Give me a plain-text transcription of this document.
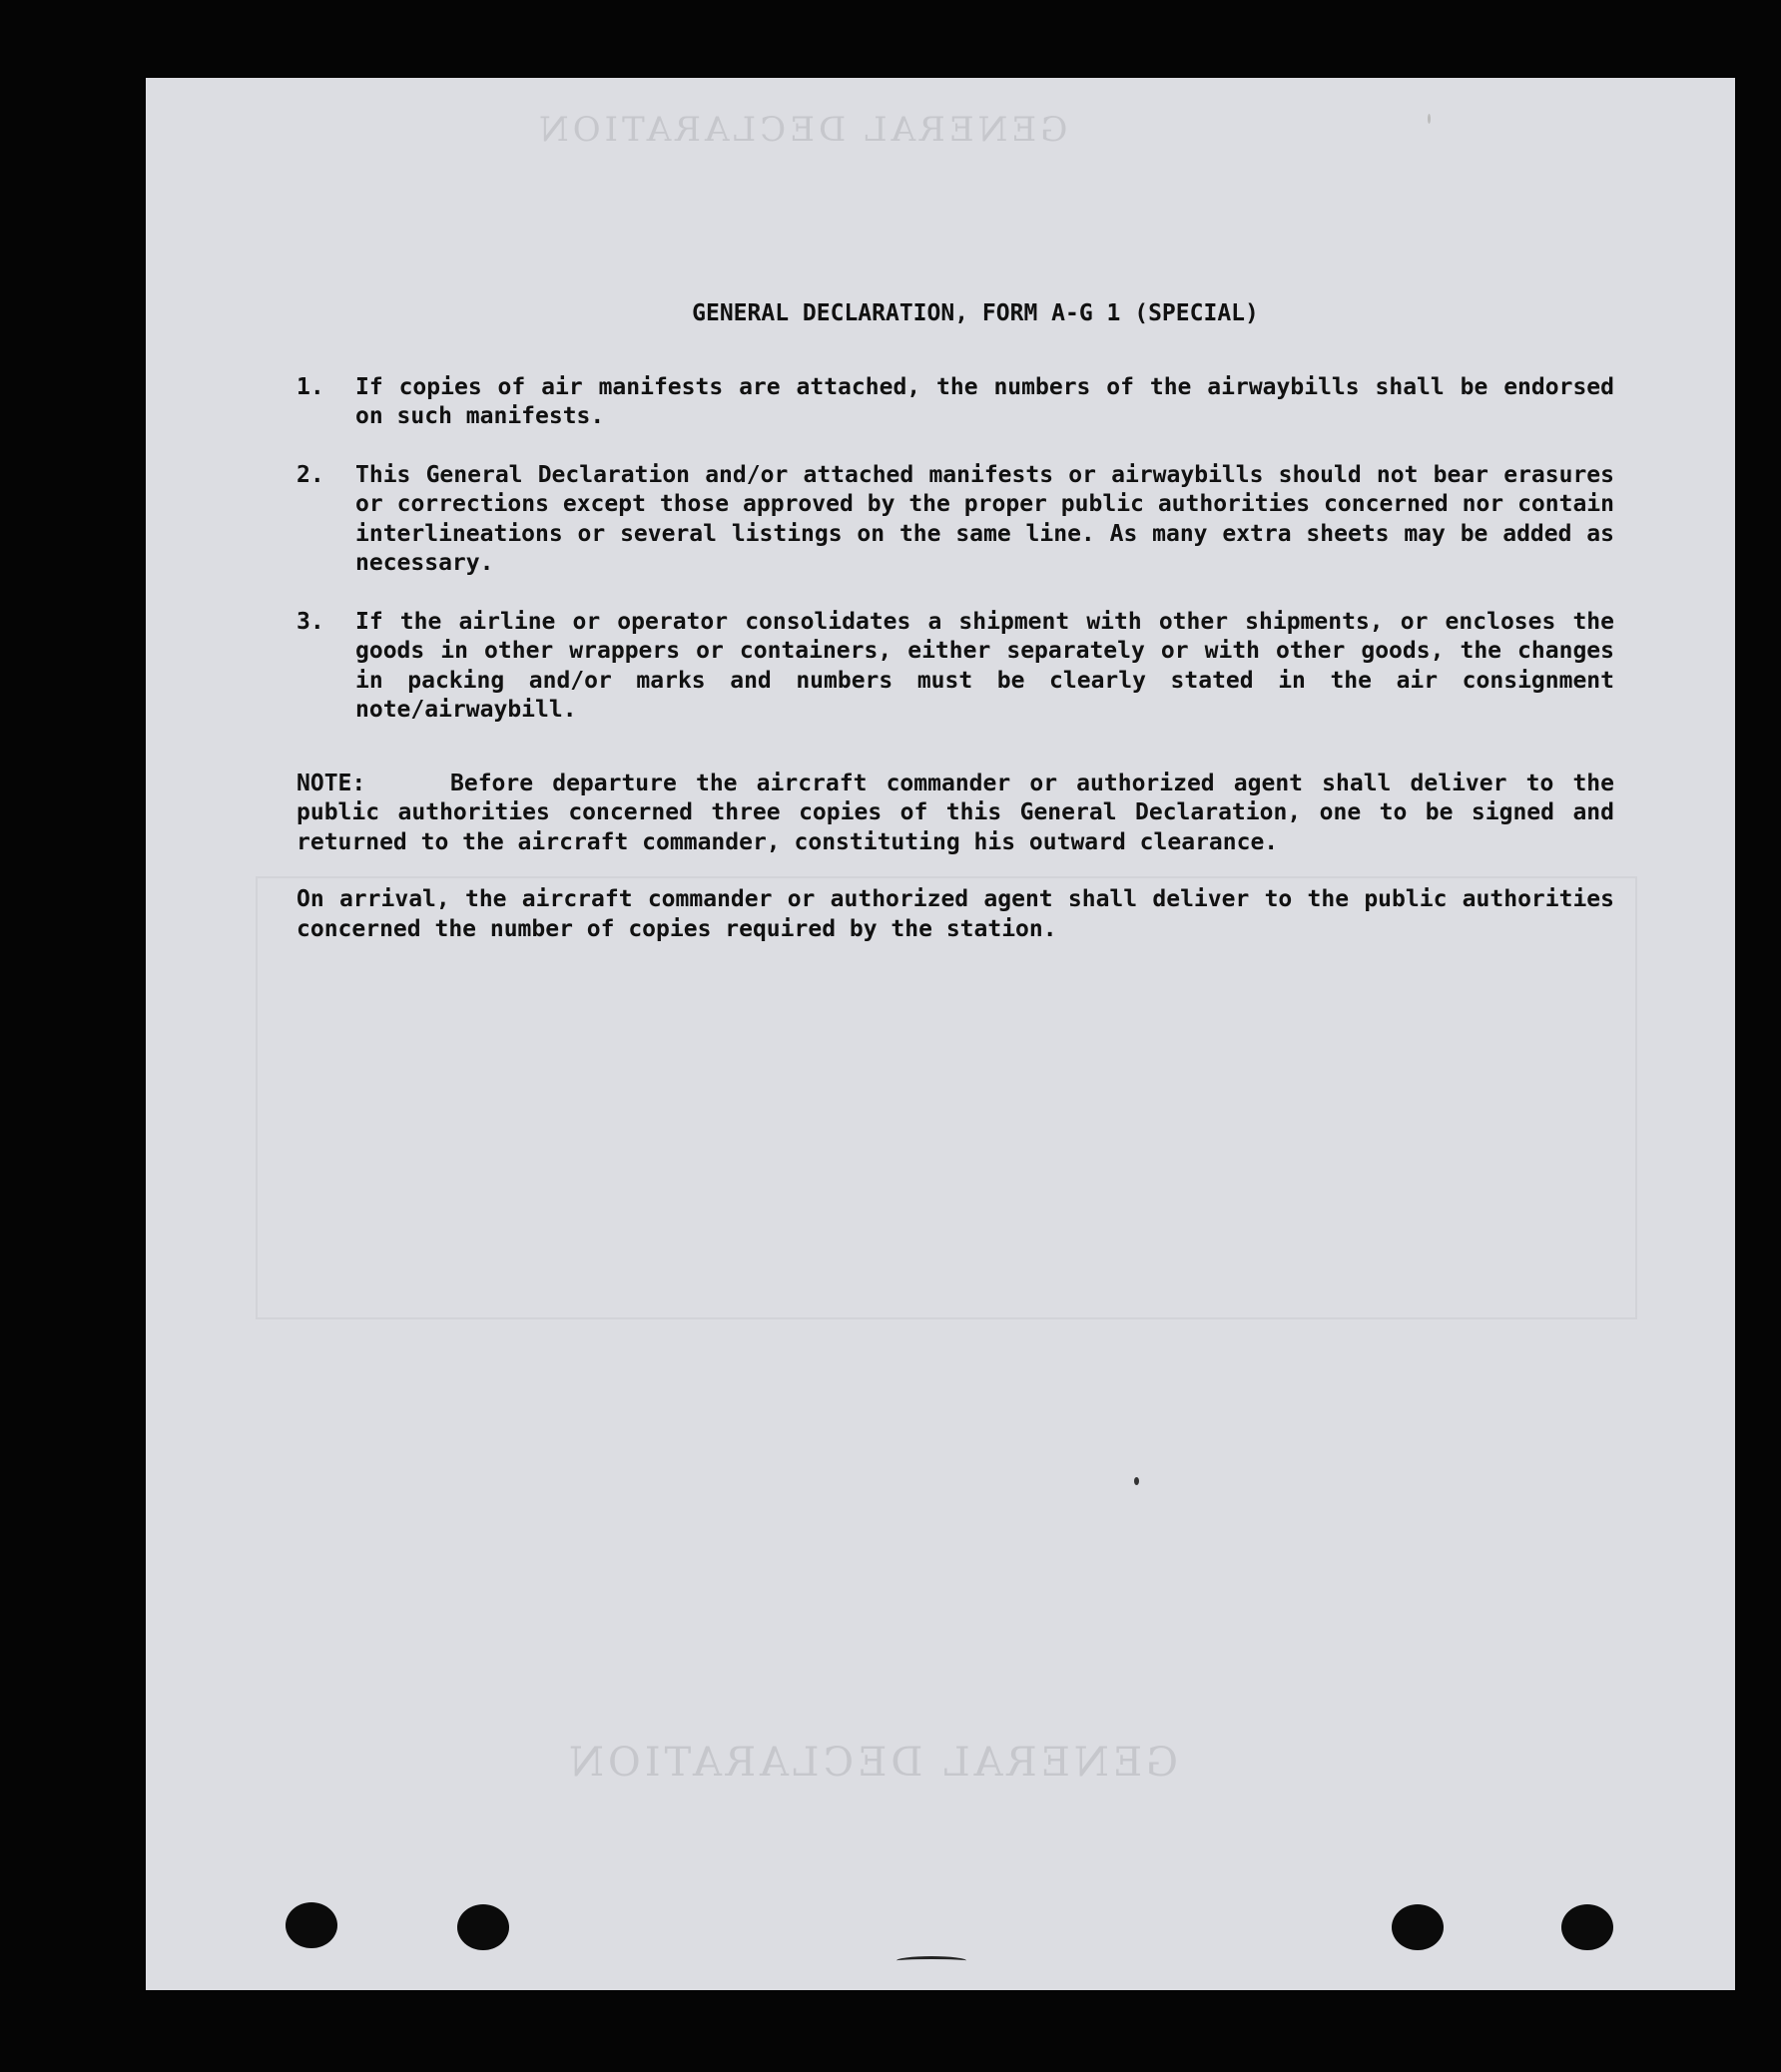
GENERAL DECLARATION
GENERAL DECLARATION
GENERAL DECLARATION, FORM A-G 1 (SPECIAL)
1.	If copies of air manifests are attached, the numbers of the airwaybills shall be endorsed on such manifests.
2.	This General Declaration and/or attached manifests or airwaybills should not bear erasures or corrections except those approved by the proper public authorities concerned nor contain interlineations or several listings on the same line. As many extra sheets may be added as necessary.
3.	If the airline or operator consolidates a shipment with other shipments, or encloses the goods in other wrappers or containers, either separately or with other goods, the changes in packing and/or marks and numbers must be clearly stated in the air consignment note/airwaybill.
NOTE:	Before departure the aircraft commander or authorized agent shall deliver to the public authorities concerned three copies of this General Declaration, one to be signed and returned to the aircraft commander, constituting his outward clearance.
On arrival, the aircraft commander or authorized agent shall deliver to the public authorities concerned the number of copies required by the station.
